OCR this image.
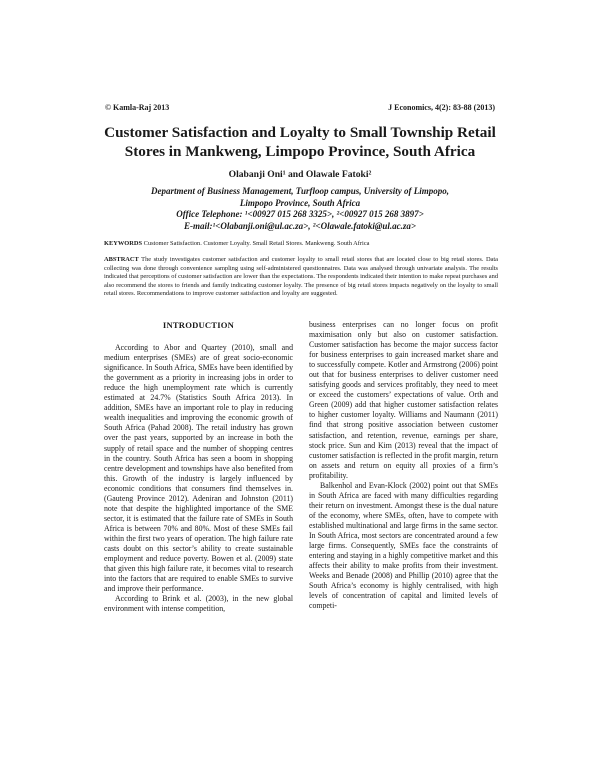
© Kamla-Raj 2013	J Economics, 4(2): 83-88 (2013)
Customer Satisfaction and Loyalty to Small Township Retail
Stores in Mankweng, Limpopo Province, South Africa
Olabanji Oni¹ and Olawale Fatoki²
Department of Business Management, Turfloop campus, University of Limpopo,
Limpopo Province, South Africa
Office Telephone: ¹<00927 015 268 3325>, ²<00927 015 268 3897>
E-mail:¹<Olabanji.oni@ul.ac.za>, ²<Olawale.fatoki@ul.ac.za>
KEYWORDS Customer Satisfaction. Customer Loyalty. Small Retail Stores. Mankweng. South Africa
ABSTRACT The study investigates customer satisfaction and customer loyalty to small retail stores that are located close to big retail stores. Data collecting was done through convenience sampling using self-administered questionnaires. Data was analysed through univariate analysis. The results indicated that perceptions of customer satisfaction are lower than the expectations. The respondents indicated their intention to make repeat purchases and also recommend the stores to friends and family indicating customer loyalty. The presence of big retail stores impacts negatively on the loyalty to small retail stores. Recommendations to improve customer satisfaction and loyalty are suggested.
INTRODUCTION

According to Abor and Quartey (2010), small and medium enterprises (SMEs) are of great socio-economic significance. In South Africa, SMEs have been identified by the government as a priority in increasing jobs in order to reduce the high unemployment rate which is currently estimated at 24.7% (Statistics South Africa 2013). In addition, SMEs have an important role to play in reducing wealth inequalities and improving the economic growth of South Africa (Pahad 2008). The retail industry has grown over the past years, supported by an increase in both the supply of retail space and the number of shopping centres in the country. South Africa has seen a boom in shopping centre development and townships have also benefited from this. Growth of the industry is largely influenced by economic conditions that consumers find themselves in. (Gauteng Province 2012). Adeniran and Johnston (2011) note that despite the highlighted importance of the SME sector, it is estimated that the failure rate of SMEs in South Africa is between 70% and 80%. Most of these SMEs fail within the first two years of operation. The high failure rate casts doubt on this sector’s ability to create sustainable employment and reduce poverty. Bowen et al. (2009) state that given this high failure rate, it becomes vital to research into the factors that are required to enable SMEs to survive and improve their performance.

According to Brink et al. (2003), in the new global environment with intense competition,

business enterprises can no longer focus on profit maximisation only but also on customer satisfaction. Customer satisfaction has become the major success factor for business enterprises to gain increased market share and to successfully compete. Kotler and Armstrong (2006) point out that for business enterprises to deliver customer need satisfying goods and services profitably, they need to meet or exceed the customers’ expectations of value. Orth and Green (2009) add that higher customer satisfaction relates to higher customer loyalty. Williams and Naumann (2011) find that strong positive association between customer satisfaction, and retention, revenue, earnings per share, stock price. Sun and Kim (2013) reveal that the impact of customer satisfaction is reflected in the profit margin, return on assets and return on equity all proxies of a firm’s profitability.

Balkenhol and Evan-Klock (2002) point out that SMEs in South Africa are faced with many difficulties regarding their return on investment. Amongst these is the dual nature of the economy, where SMEs, often, have to compete with established multinational and large firms in the same sector. In South Africa, most sectors are concentrated around a few large firms. Consequently, SMEs face the constraints of entering and staying in a highly competitive market and this affects their ability to make profits from their investment. Weeks and Benade (2008) and Phillip (2010) agree that the South Africa’s economy is highly centralised, with high levels of concentration of capital and limited levels of competi-
